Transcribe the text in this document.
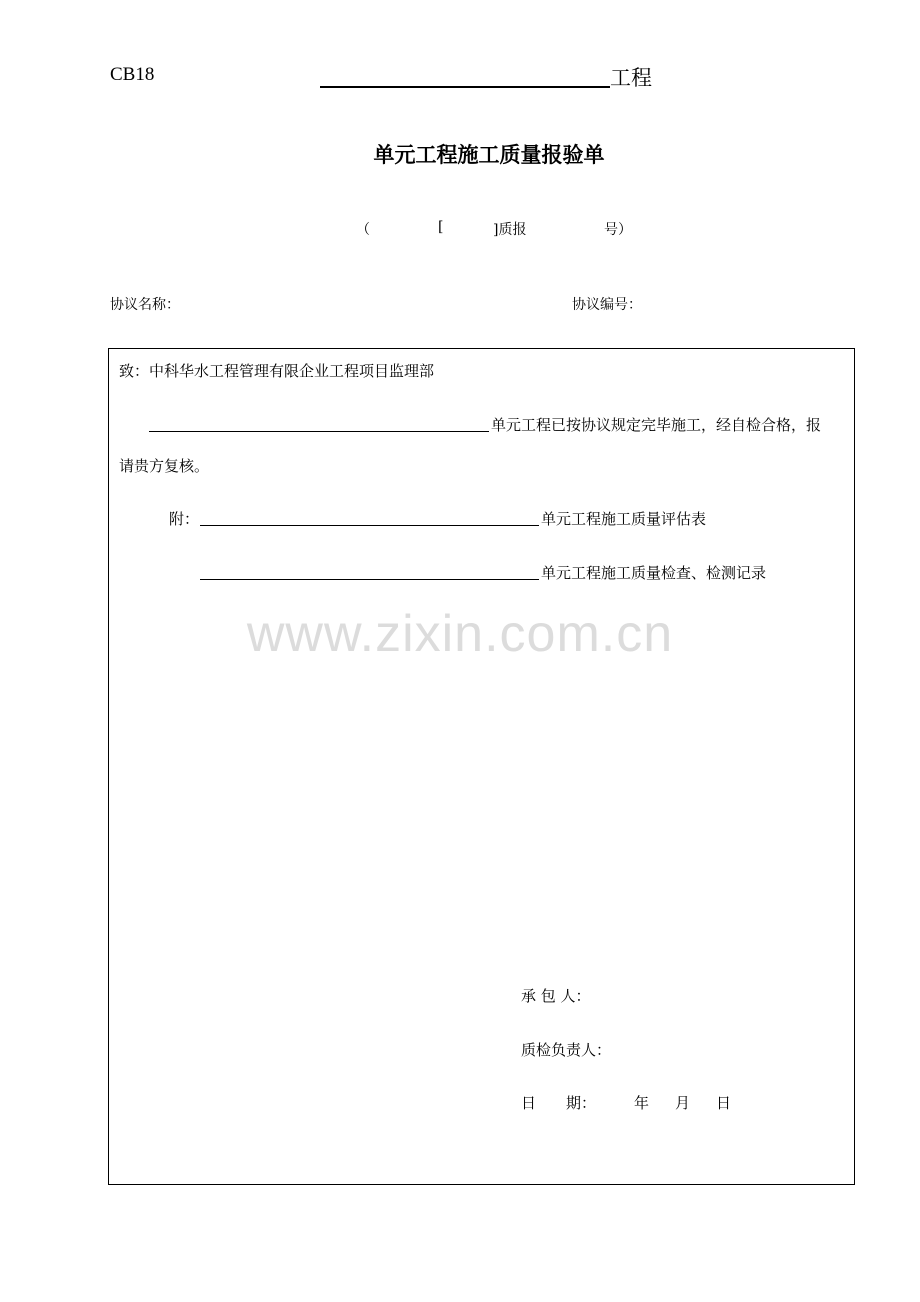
CB18	工程
单元工程施工质量报验单
（	[	]质报	号）
协议名称：	协议编号：
致：中科华水工程管理有限企业工程项目监理部
单元工程已按协议规定完毕施工，经自检合格，报
请贵方复核。
附：	单元工程施工质量评估表
单元工程施工质量检查、检测记录
承 包 人：
质检负责人：
日　　期：	年 月 日
www.zixin.com.cn
